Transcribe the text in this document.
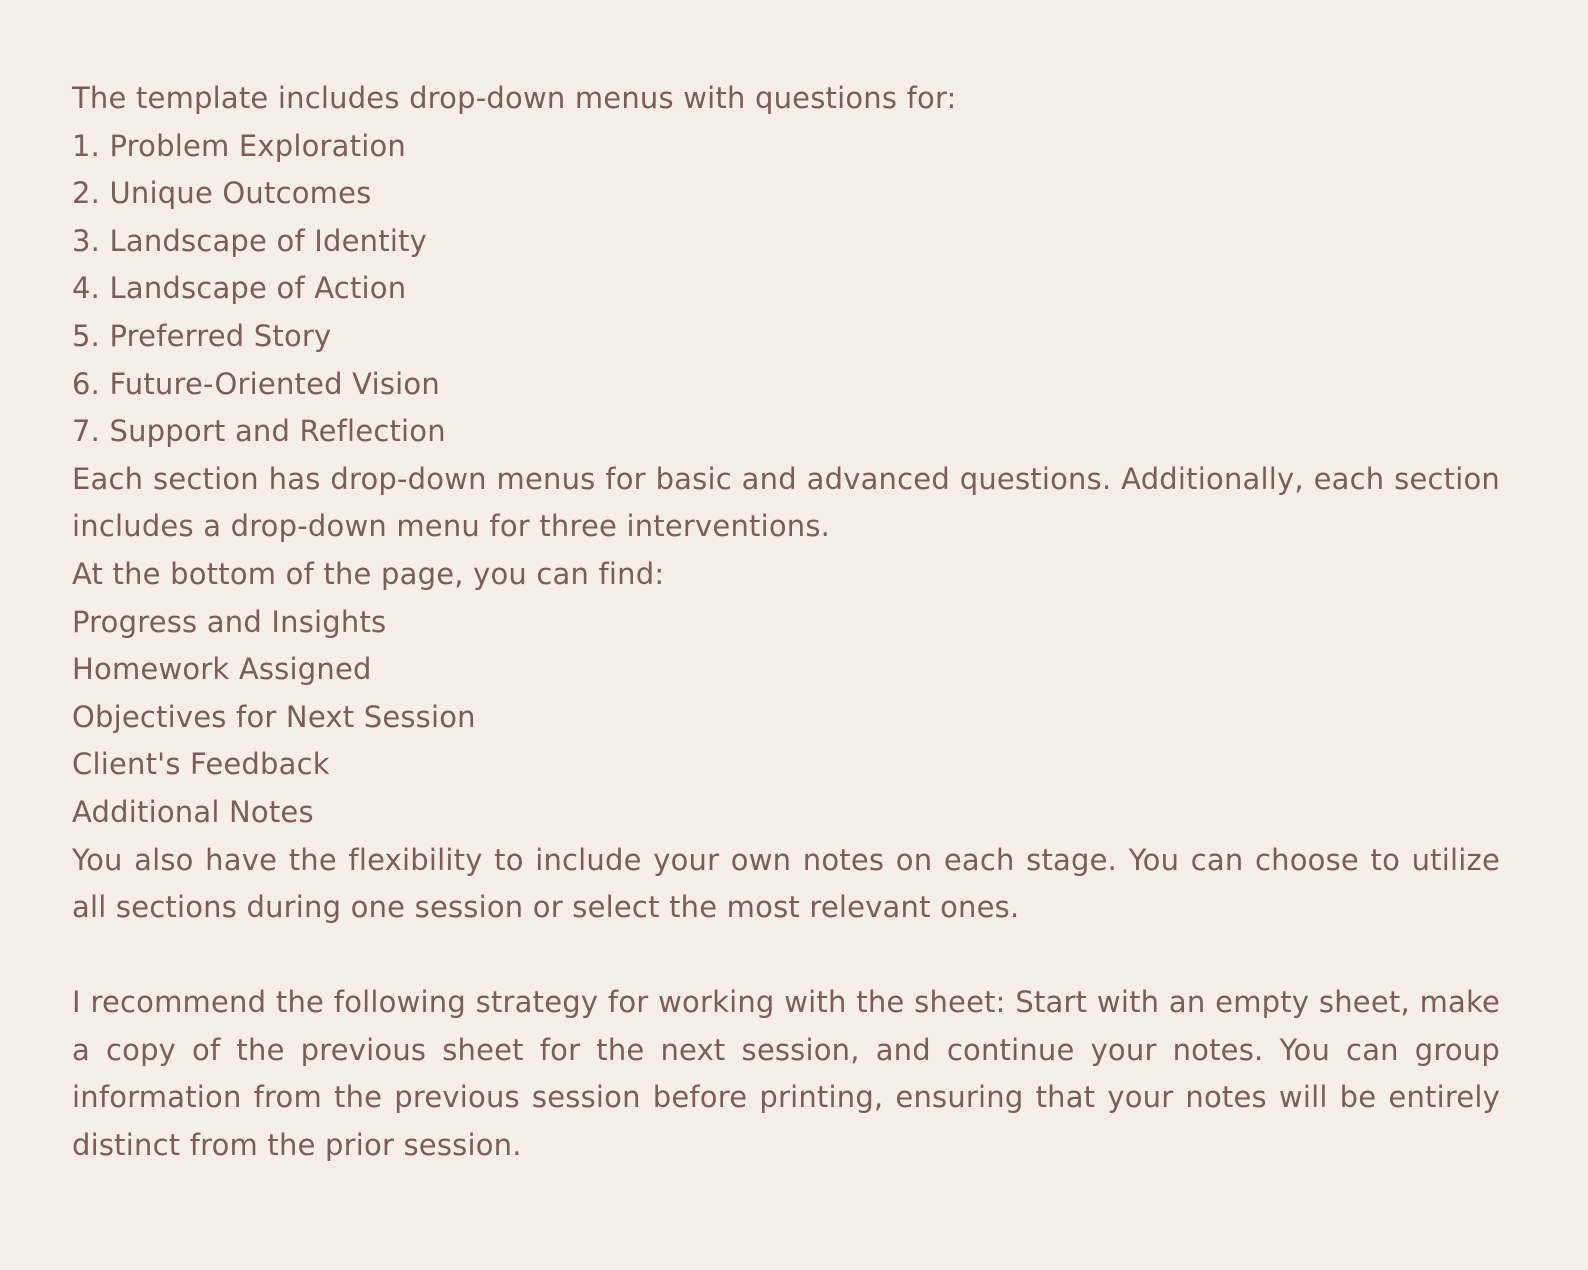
The template includes drop-down menus with questions for:
1. Problem Exploration
2. Unique Outcomes
3. Landscape of Identity
4. Landscape of Action
5. Preferred Story
6. Future-Oriented Vision
7. Support and Reflection
Each section has drop-down menus for basic and advanced questions. Additionally, each section includes a drop-down menu for three interventions.
At the bottom of the page, you can find:
Progress and Insights
Homework Assigned
Objectives for Next Session
Client's Feedback
Additional Notes
You also have the flexibility to include your own notes on each stage. You can choose to utilize all sections during one session or select the most relevant ones.
I recommend the following strategy for working with the sheet: Start with an empty sheet, make a copy of the previous sheet for the next session, and continue your notes. You can group information from the previous session before printing, ensuring that your notes will be entirely distinct from the prior session.
